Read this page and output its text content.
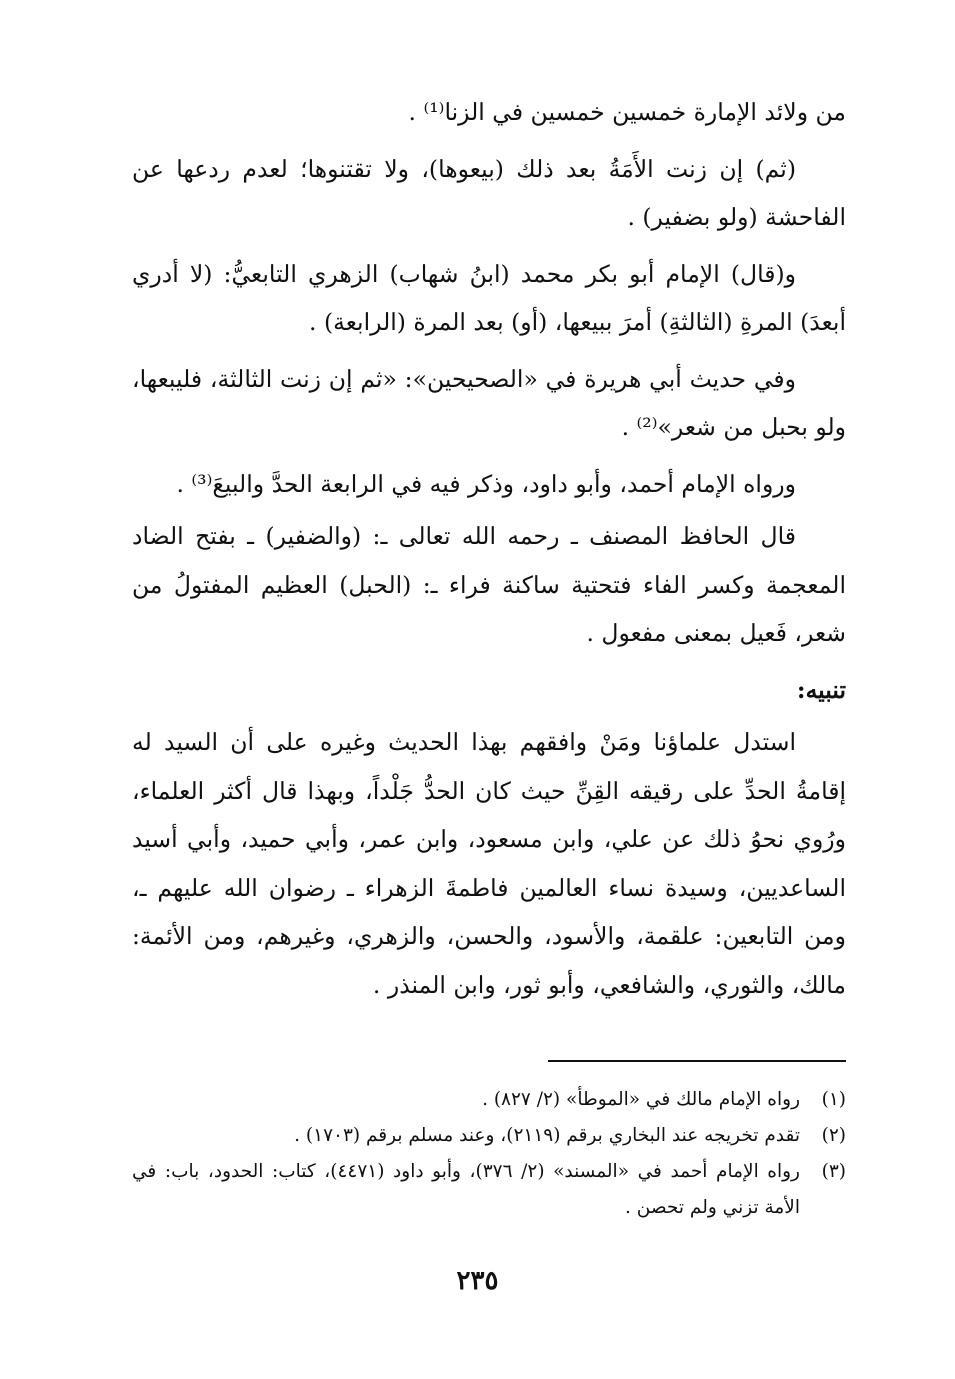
من ولائد الإمارة خمسين خمسين في الزنا⁽¹⁾ .

(ثم) إن زنت الأَمَةُ بعد ذلك (بيعوها)، ولا تقتنوها؛ لعدم ردعها عن الفاحشة (ولو بضفير) .

و(قال) الإمام أبو بكر محمد (ابنُ شهاب) الزهري التابعيُّ: (لا أدري أبعدَ) المرةِ (الثالثةِ) أمرَ ببيعها، (أو) بعد المرة (الرابعة) .

وفي حديث أبي هريرة في «الصحيحين»: «ثم إن زنت الثالثة، فليبعها، ولو بحبل من شعر»⁽²⁾ .

ورواه الإمام أحمد، وأبو داود، وذكر فيه في الرابعة الحدَّ والبيعَ⁽³⁾ .

قال الحافظ المصنف ـ رحمه الله تعالى ـ: (والضفير) ـ بفتح الضاد المعجمة وكسر الفاء فتحتية ساكنة فراء ـ: (الحبل) العظيم المفتولُ من شعر، فَعيل بمعنى مفعول .

تنبيه:

استدل علماؤنا ومَنْ وافقهم بهذا الحديث وغيره على أن السيد له إقامةُ الحدِّ على رقيقه القِنِّ حيث كان الحدُّ جَلْداً، وبهذا قال أكثر العلماء، ورُوي نحوُ ذلك عن علي، وابن مسعود، وابن عمر، وأبي حميد، وأبي أسيد الساعديين، وسيدة نساء العالمين فاطمةَ الزهراء ـ رضوان الله عليهم ـ، ومن التابعين: علقمة، والأسود، والحسن، والزهري، وغيرهم، ومن الأئمة: مالك، والثوري، والشافعي، وأبو ثور، وابن المنذر .

(١)
رواه الإمام مالك في «الموطأ» (٢/ ٨٢٧) .
(٢)
تقدم تخريجه عند البخاري برقم (٢١١٩)، وعند مسلم برقم (١٧٠٣) .
(٣)
رواه الإمام أحمد في «المسند» (٢/ ٣٧٦)، وأبو داود (٤٤٧١)، كتاب: الحدود، باب: في الأمة تزني ولم تحصن .
٢٣٥
